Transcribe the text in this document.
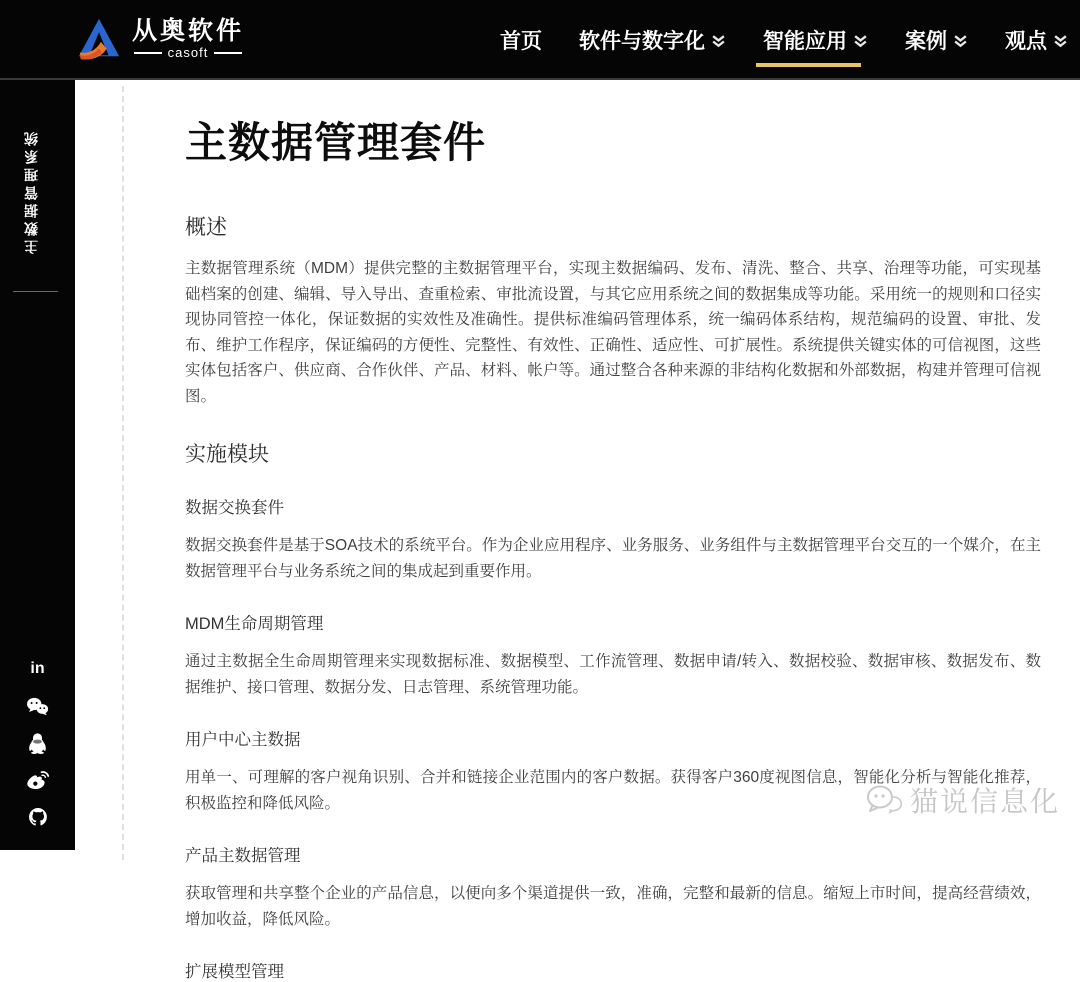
从奥软件
casoft	首页 软件与数字化	智能应用	案例	观点
主数据管理系统
in
主数据管理套件
概述

主数据管理系统（MDM）提供完整的主数据管理平台，实现主数据编码、发布、清洗、整合、共享、治理等功能，可实现基础档案的创建、编辑、导入导出、查重检索、审批流设置，与其它应用系统之间的数据集成等功能。采用统一的规则和口径实现协同管控一体化，保证数据的实效性及准确性。提供标准编码管理体系，统一编码体系结构，规范编码的设置、审批、发布、维护工作程序，保证编码的方便性、完整性、有效性、正确性、适应性、可扩展性。系统提供关键实体的可信视图，这些实体包括客户、供应商、合作伙伴、产品、材料、帐户等。通过整合各种来源的非结构化数据和外部数据，构建并管理可信视图。

实施模块
数据交换套件

数据交换套件是基于SOA技术的系统平台。作为企业应用程序、业务服务、业务组件与主数据管理平台交互的一个媒介，在主数据管理平台与业务系统之间的集成起到重要作用。

MDM生命周期管理

通过主数据全生命周期管理来实现数据标准、数据模型、工作流管理、数据申请/转入、数据校验、数据审核、数据发布、数据维护、接口管理、数据分发、日志管理、系统管理功能。

用户中心主数据

用单一、可理解的客户视角识别、合并和链接企业范围内的客户数据。获得客户360度视图信息，智能化分析与智能化推荐，积极监控和降低风险。

产品主数据管理

获取管理和共享整个企业的产品信息，以便向多个渠道提供一致，准确，完整和最新的信息。缩短上市时间，提高经营绩效，增加收益，降低风险。

扩展模型管理
猫说信息化
